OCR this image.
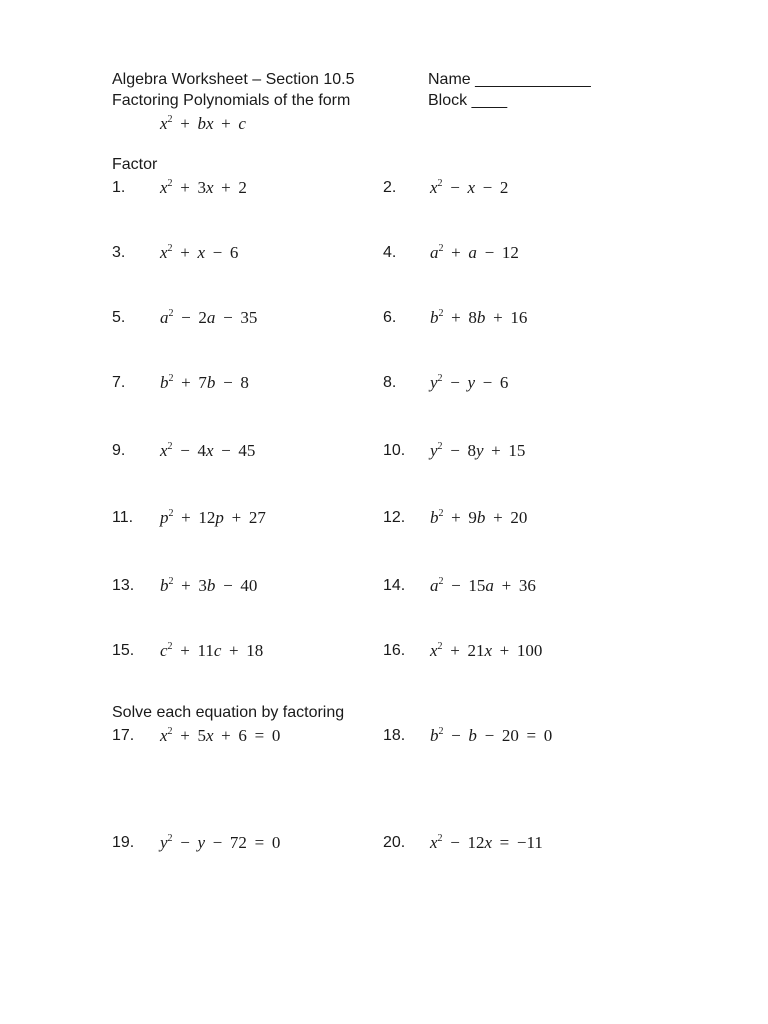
Algebra Worksheet – Section 10.5
Factoring Polynomials of the form
$x^2$  +  bx  +  c
Name _____________
Block ____
Factor
1. $x^2 + 3x + 2$	2. $x^2 - x - 2$
3. $x^2 + x - 6$	4. $a^2 + a - 12$
5. $a^2 - 2a - 35$	6. $b^2 + 8b + 16$
7. $b^2 + 7b - 8$	8. $y^2 - y - 6$
9. $x^2 - 4x - 45$	10. $y^2 - 8y + 15$
11. $p^2 + 12p + 27$	12. $b^2 + 9b + 20$
13. $b^2 + 3b - 40$	14. $a^2 - 15a + 36$
15. $c^2 + 11c + 18$	16. $x^2 + 21x + 100$
Solve each equation by factoring
17. $x^2 + 5x + 6 = 0$	18. $b^2 - b - 20 = 0$
19. $y^2 - y - 72 = 0$	20. $x^2 - 12x = -11$
